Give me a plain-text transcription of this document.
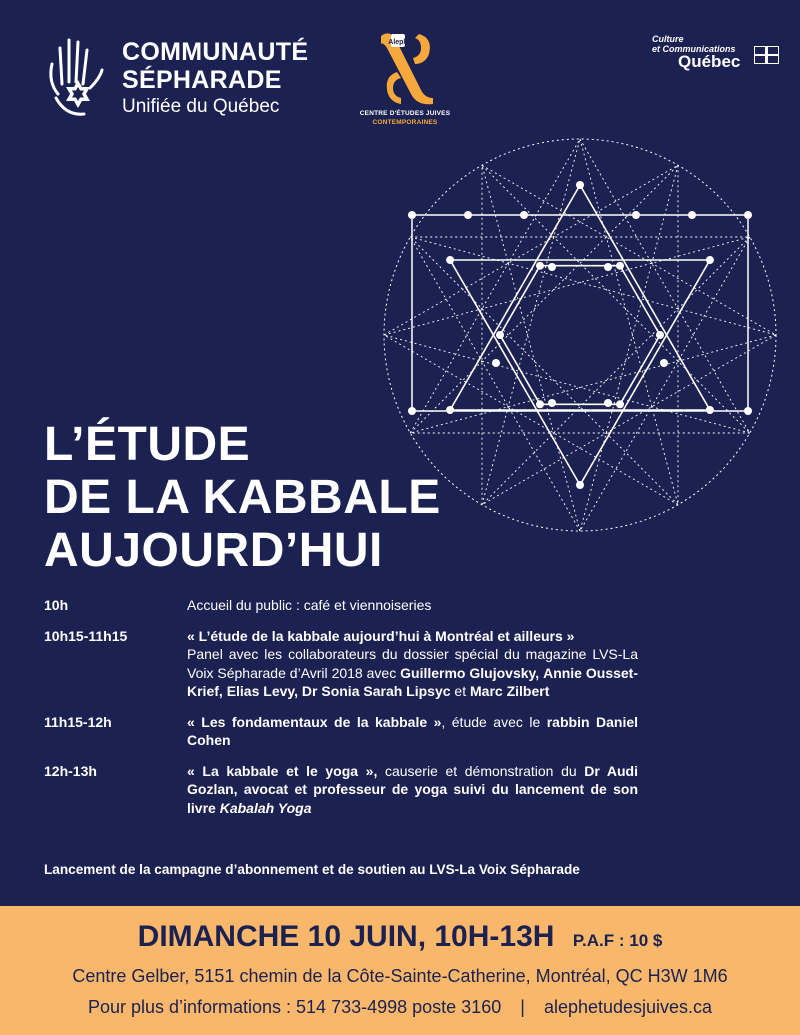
COMMUNAUTÉ
SÉPHARADE
Unifiée du Québec
Aleph
CENTRE D'ÉTUDES JUIVES
CONTEMPORAINES
Culture
et Communications
Québec
L’ÉTUDE
DE LA KABBALE
AUJOURD’HUI
10h	Accueil du public : café et viennoiseries
10h15-11h15	« L’étude de la kabbale aujourd’hui à Montréal et ailleurs »
Panel avec les collaborateurs du dossier spécial du magazine LVS-La Voix Sépharade d’Avril 2018 avec Guillermo Glujovsky, Annie Ousset-Krief, Elias Levy, Dr Sonia Sarah Lipsyc et Marc Zilbert
11h15-12h	« Les fondamentaux de la kabbale », étude avec le rabbin Daniel Cohen
12h-13h	« La kabbale et le yoga », causerie et démonstration du Dr Audi Gozlan, avocat et professeur de yoga suivi du lancement de son livre Kabalah Yoga
Lancement de la campagne d’abonnement et de soutien au LVS-La Voix Sépharade
DIMANCHE 10 JUIN, 10H-13H P.A.F : 10 $
Centre Gelber, 5151 chemin de la Côte-Sainte-Catherine, Montréal, QC H3W 1M6
Pour plus d’informations : 514 733-4998 poste 3160 | alephetudesjuives.ca
